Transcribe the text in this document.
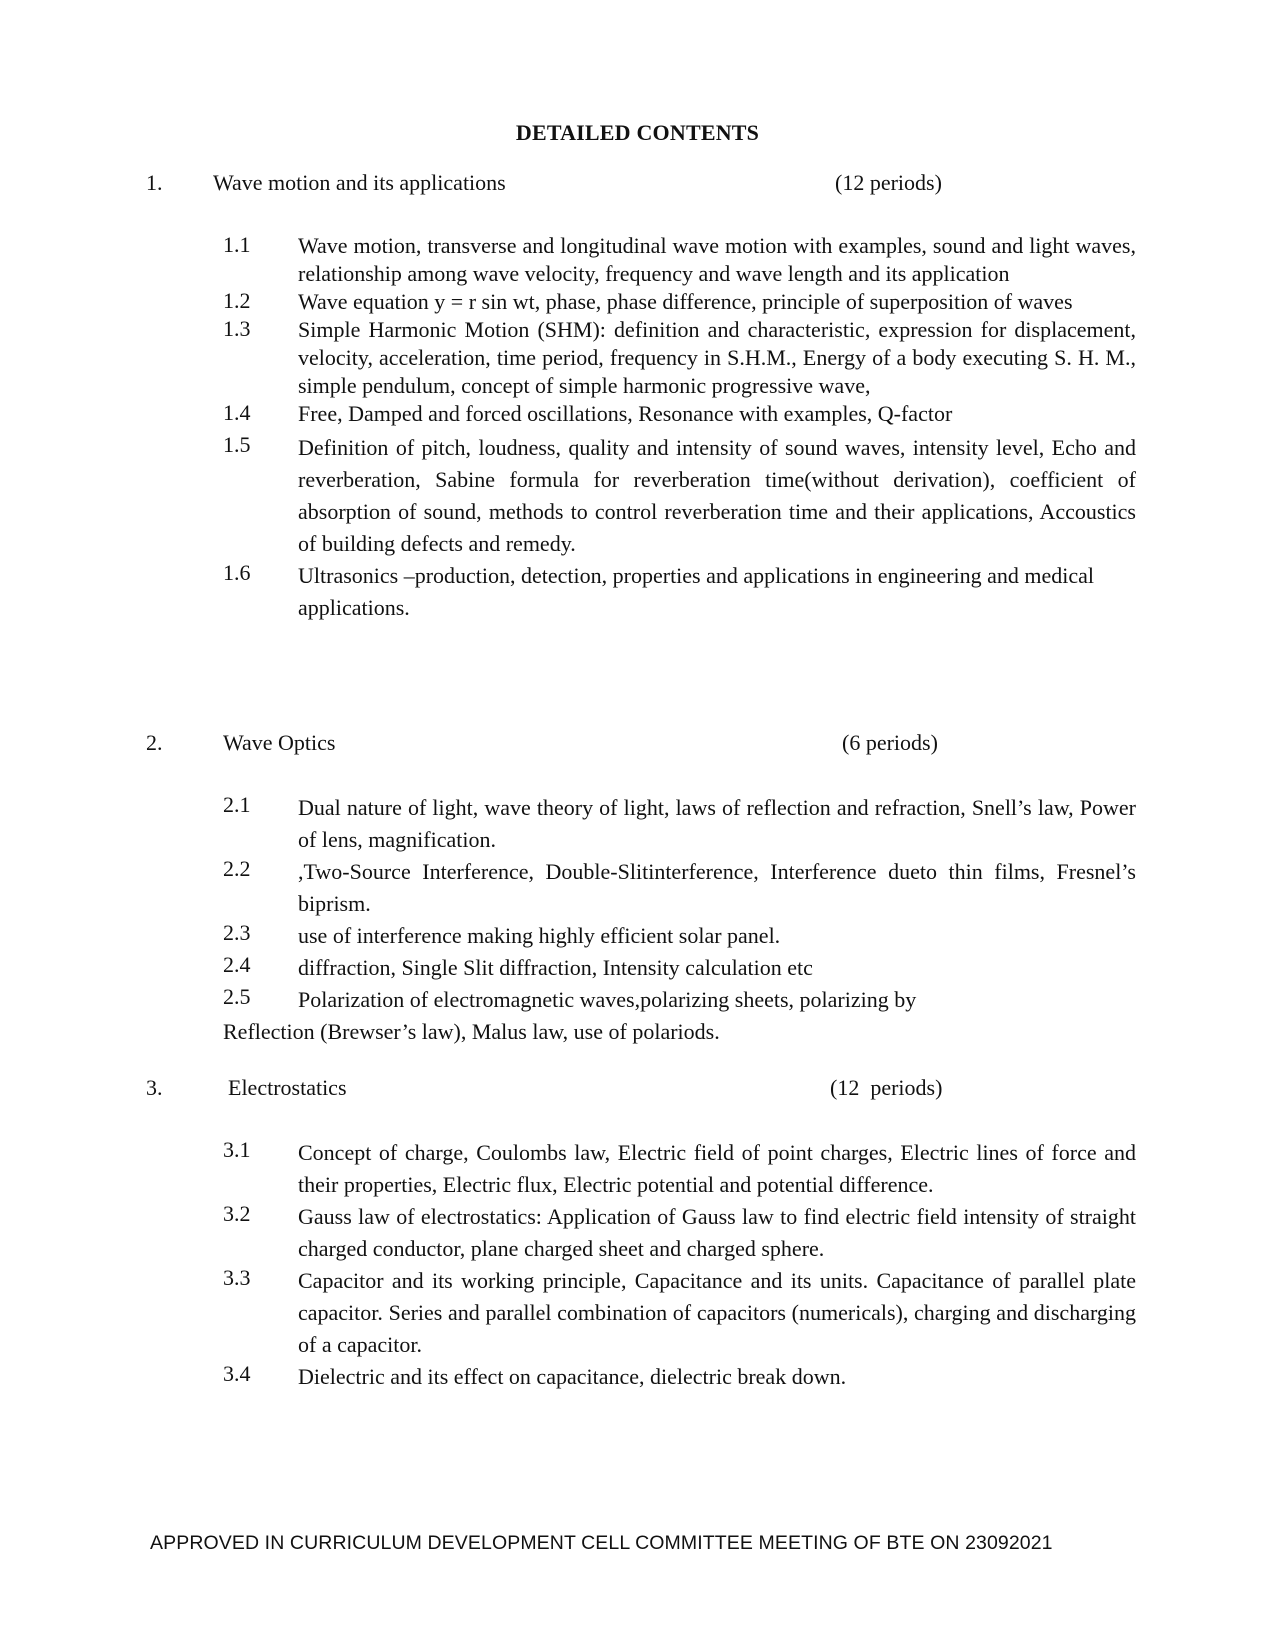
DETAILED CONTENTS
1. Wave motion and its applications	(12 periods)
1.1 Wave motion, transverse and longitudinal wave motion with examples, sound and light waves, relationship among wave velocity, frequency and wave length and its application
1.2 Wave equation y = r sin wt, phase, phase difference, principle of superposition of waves
1.3 Simple Harmonic Motion (SHM): definition and characteristic, expression for displacement, velocity, acceleration, time period, frequency in S.H.M., Energy of a body executing S. H. M., simple pendulum, concept of simple harmonic progressive wave,
1.4 Free, Damped and forced oscillations, Resonance with examples, Q-factor
1.5 Definition of pitch, loudness, quality and intensity of sound waves, intensity level, Echo and reverberation, Sabine formula for reverberation time(without derivation), coefficient of absorption of sound, methods to control reverberation time and their applications, Accoustics of building defects and remedy.
1.6 Ultrasonics –production, detection, properties and applications in engineering and medical applications.
2.	Wave Optics	(6 periods)
2.1 Dual nature of light, wave theory of light, laws of reflection and refraction, Snell’s law, Power of lens, magnification.
2.2 ,Two-Source Interference, Double-Slitinterference, Interference dueto thin films, Fresnel’s biprism.
2.3 use of interference making highly efficient solar panel.
2.4 diffraction, Single Slit diffraction, Intensity calculation etc
2.5 Polarization of electromagnetic waves,polarizing sheets, polarizing by
Reflection (Brewser’s law), Malus law, use of polariods.
3.	Electrostatics	(12  periods)
3.1 Concept of charge, Coulombs law, Electric field of point charges, Electric lines of force and their properties, Electric flux, Electric potential and potential difference.
3.2 Gauss law of electrostatics: Application of Gauss law to find electric field intensity of straight charged conductor, plane charged sheet and charged sphere.
3.3 Capacitor and its working principle, Capacitance and its units. Capacitance of parallel plate capacitor. Series and parallel combination of capacitors (numericals), charging and discharging of a capacitor.
3.4 Dielectric and its effect on capacitance, dielectric break down.
APPROVED IN CURRICULUM DEVELOPMENT CELL COMMITTEE MEETING OF BTE ON 23092021
